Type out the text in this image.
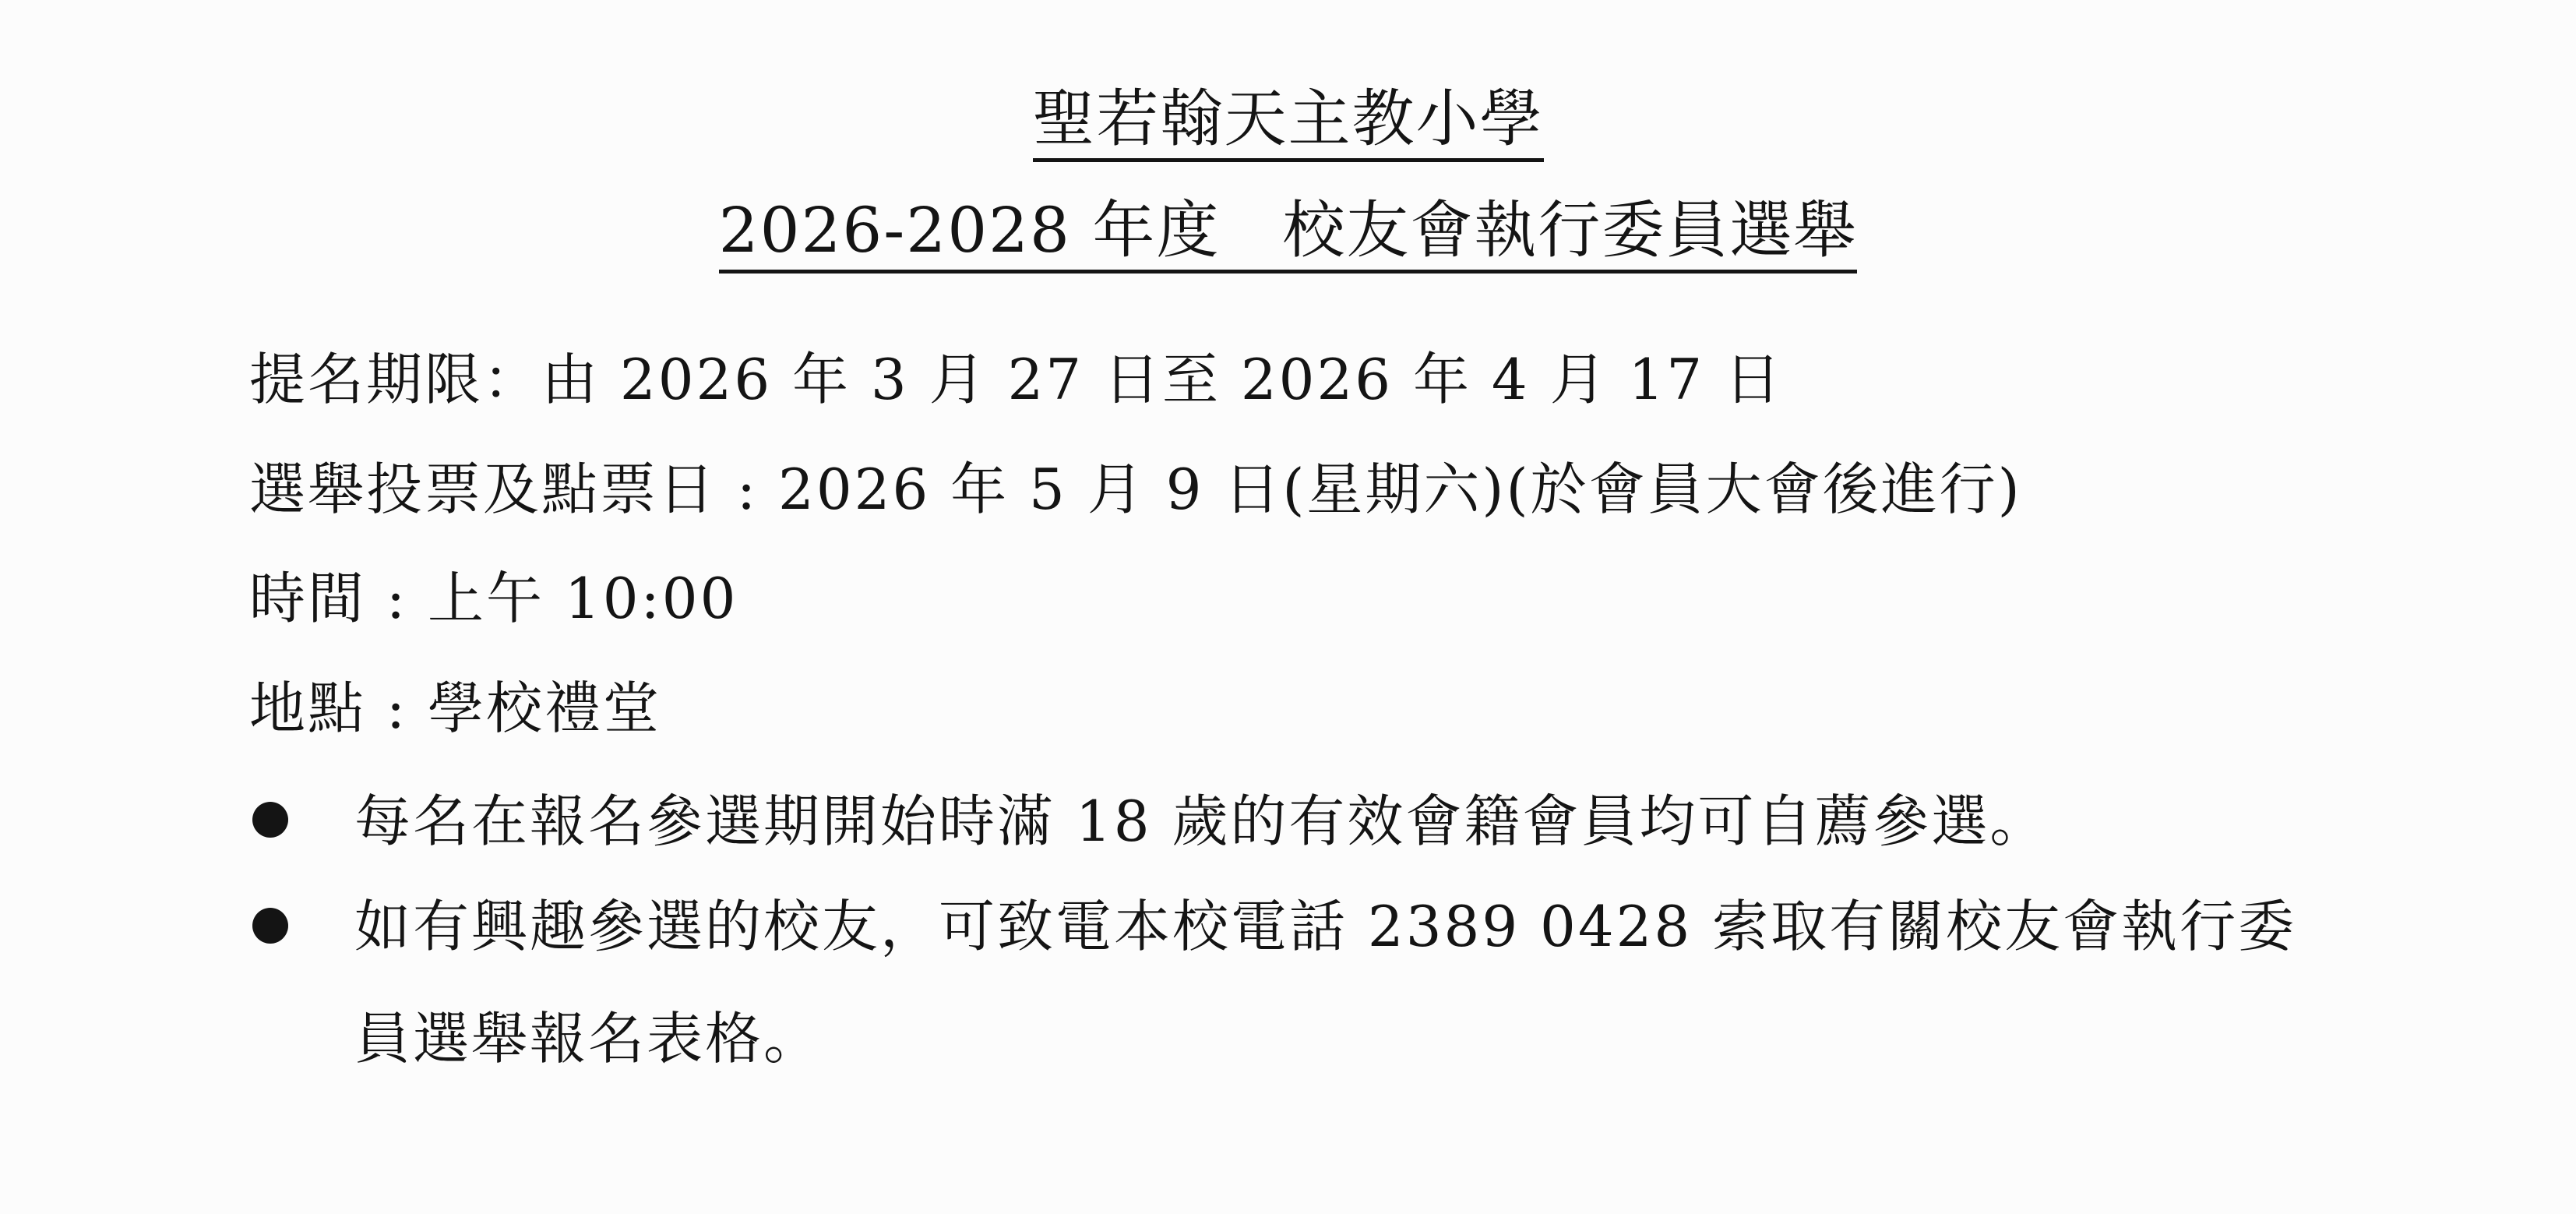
聖若翰天主教小學
2026-2028 年度 校友會執行委員選舉
提名期限：由 2026 年 3 月 27 日至 2026 年 4 月 17 日
選舉投票及點票日 : 2026 年 5 月 9 日(星期六)(於會員大會後進行)
時間 : 上午 10:00
地點 : 學校禮堂
每名在報名參選期開始時滿 18 歲的有效會籍會員均可自薦參選。
如有興趣參選的校友，可致電本校電話 2389 0428 索取有關校友會執行委
員選舉報名表格。
